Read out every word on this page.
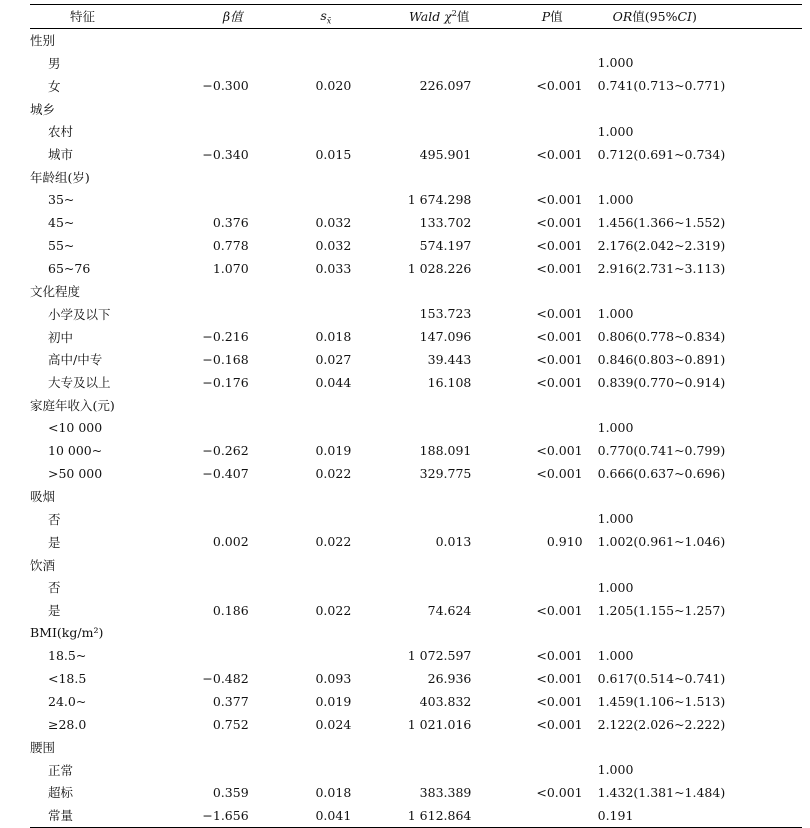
特征	β值	$s_{x̄}$	Wald $\chi^2$值	P值	OR值(95%CI)
性别					
男					1.000
女	−0.300	0.020	226.097	<0.001	0.741(0.713~0.771)
城乡					
农村					1.000
城市	−0.340	0.015	495.901	<0.001	0.712(0.691~0.734)
年龄组(岁)					
35~			1 674.298	<0.001	1.000
45~	0.376	0.032	133.702	<0.001	1.456(1.366~1.552)
55~	0.778	0.032	574.197	<0.001	2.176(2.042~2.319)
65~76	1.070	0.033	1 028.226	<0.001	2.916(2.731~3.113)
文化程度					
小学及以下			153.723	<0.001	1.000
初中	−0.216	0.018	147.096	<0.001	0.806(0.778~0.834)
高中/中专	−0.168	0.027	39.443	<0.001	0.846(0.803~0.891)
大专及以上	−0.176	0.044	16.108	<0.001	0.839(0.770~0.914)
家庭年收入(元)					
<10 000					1.000
10 000~	−0.262	0.019	188.091	<0.001	0.770(0.741~0.799)
>50 000	−0.407	0.022	329.775	<0.001	0.666(0.637~0.696)
吸烟					
否					1.000
是	0.002	0.022	0.013	0.910	1.002(0.961~1.046)
饮酒					
否					1.000
是	0.186	0.022	74.624	<0.001	1.205(1.155~1.257)
BMI(kg/m²)					
18.5~			1 072.597	<0.001	1.000
<18.5	−0.482	0.093	26.936	<0.001	0.617(0.514~0.741)
24.0~	0.377	0.019	403.832	<0.001	1.459(1.106~1.513)
≥28.0	0.752	0.024	1 021.016	<0.001	2.122(2.026~2.222)
腰围					
正常					1.000
超标	0.359	0.018	383.389	<0.001	1.432(1.381~1.484)
常量	−1.656	0.041	1 612.864		0.191
